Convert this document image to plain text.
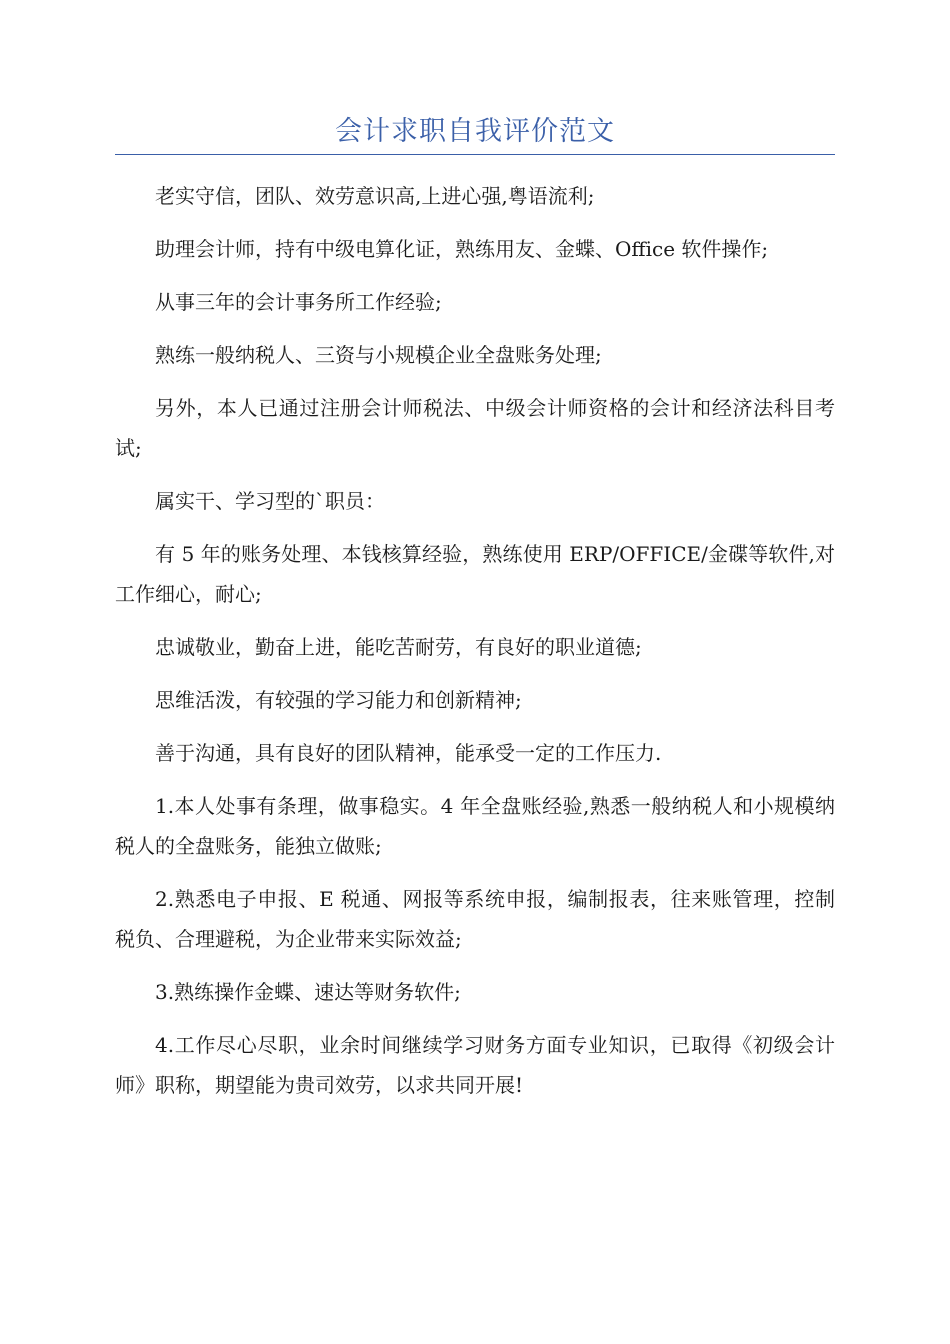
会计求职自我评价范文

老实守信，团队、效劳意识高,上进心强,粤语流利;

助理会计师，持有中级电算化证，熟练用友、金蝶、Office 软件操作;

从事三年的会计事务所工作经验;

熟练一般纳税人、三资与小规模企业全盘账务处理;

另外，本人已通过注册会计师税法、中级会计师资格的会计和经济法科目考试;

属实干、学习型的`职员：

有 5 年的账务处理、本钱核算经验，熟练使用 ERP/OFFICE/金碟等软件,对工作细心，耐心;

忠诚敬业，勤奋上进，能吃苦耐劳，有良好的职业道德;

思维活泼，有较强的学习能力和创新精神;

善于沟通，具有良好的团队精神，能承受一定的工作压力.

1.本人处事有条理，做事稳实。4 年全盘账经验,熟悉一般纳税人和小规模纳税人的全盘账务，能独立做账;

2.熟悉电子申报、E 税通、网报等系统申报，编制报表，往来账管理，控制税负、合理避税，为企业带来实际效益;

3.熟练操作金蝶、速达等财务软件;

4.工作尽心尽职，业余时间继续学习财务方面专业知识，已取得《初级会计师》职称，期望能为贵司效劳，以求共同开展!
